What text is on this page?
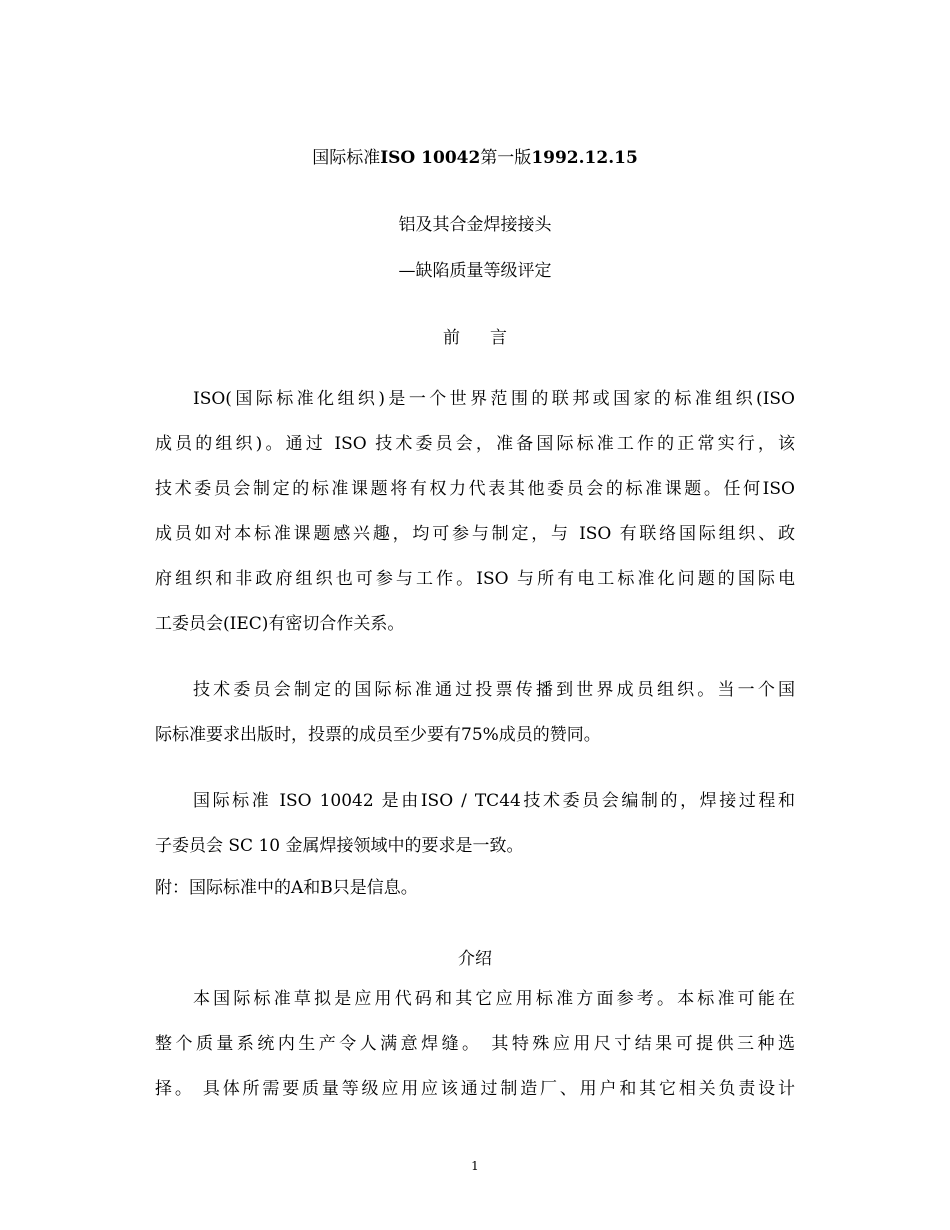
国际标准ISO 10042第一版1992.12.15
铝及其合金焊接接头
—缺陷质量等级评定
前 言
ISO(国际标准化组织)是一个世界范围的联邦或国家的标准组织(ISO
成员的组织)。通过 ISO 技术委员会，准备国际标准工作的正常实行，该
技术委员会制定的标准课题将有权力代表其他委员会的标准课题。任何ISO
成员如对本标准课题感兴趣，均可参与制定，与 ISO 有联络国际组织、政
府组织和非政府组织也可参与工作。ISO 与所有电工标准化问题的国际电
工委员会(IEC)有密切合作关系。
技术委员会制定的国际标准通过投票传播到世界成员组织。当一个国
际标准要求出版时，投票的成员至少要有75%成员的赞同。
国际标准 ISO 10042 是由ISO / TC44技术委员会编制的，焊接过程和
子委员会 SC 10 金属焊接领域中的要求是一致。
附：国际标准中的A和B只是信息。
介绍
本国际标准草拟是应用代码和其它应用标准方面参考。本标准可能在
整个质量系统内生产令人满意焊缝。 其特殊应用尺寸结果可提供三种选
择。 具体所需要质量等级应用应该通过制造厂、用户和其它相关负责设计
1
